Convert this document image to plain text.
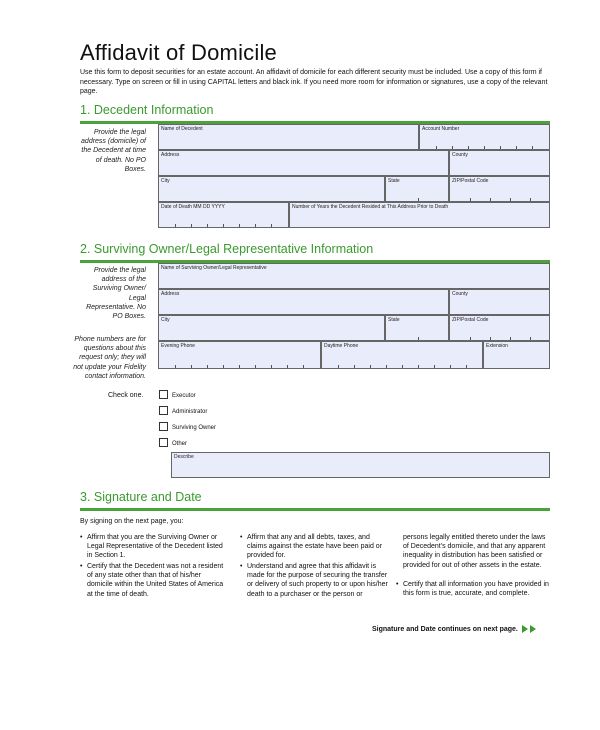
Affidavit of Domicile
Use this form to deposit securities for an estate account. An affidavit of domicile for each different security must be included. Use a copy of this form if necessary. Type on screen or fill in using CAPITAL letters and black ink. If you need more room for information or signatures, use a copy of the relevant page.
1. Decedent Information
Provide the legal address (domicile) of the Decedent at time of death. No PO Boxes.
Name of Decedent	Account Number
Address	County
City	State	ZIP/Postal Code
Date of Death MM DD YYYY	Number of Years the Decedent Resided at This Address Prior to Death
2. Surviving Owner/Legal Representative Information
Provide the legal address of the Surviving Owner/ Legal Representative. No PO Boxes.
Name of Surviving Owner/Legal Representative
Address	County
City	State	ZIP/Postal Code
Phone numbers are for questions about this request only; they will not update your Fidelity contact information.
Evening Phone	Daytime Phone	Extension
Check one.	Executor
Administrator
Surviving Owner
Other
Describe
3. Signature and Date
By signing on the next page, you:
• Affirm that you are the Surviving Owner or Legal Representative of the Decedent listed in Section 1.
• Certify that the Decedent was not a resident of any state other than that of his/her domicile within the United States of America at the time of death.
• Affirm that any and all debts, taxes, and claims against the estate have been paid or provided for.
• Understand and agree that this affidavit is made for the purpose of securing the transfer or delivery of such property to or upon his/her death to a purchaser or the person or
persons legally entitled thereto under the laws of Decedent's domicile, and that any apparent inequality in distribution has been satisfied or provided for out of other assets in the estate.
• Certify that all information you have provided in this form is true, accurate, and complete.
Signature and Date continues on next page.
